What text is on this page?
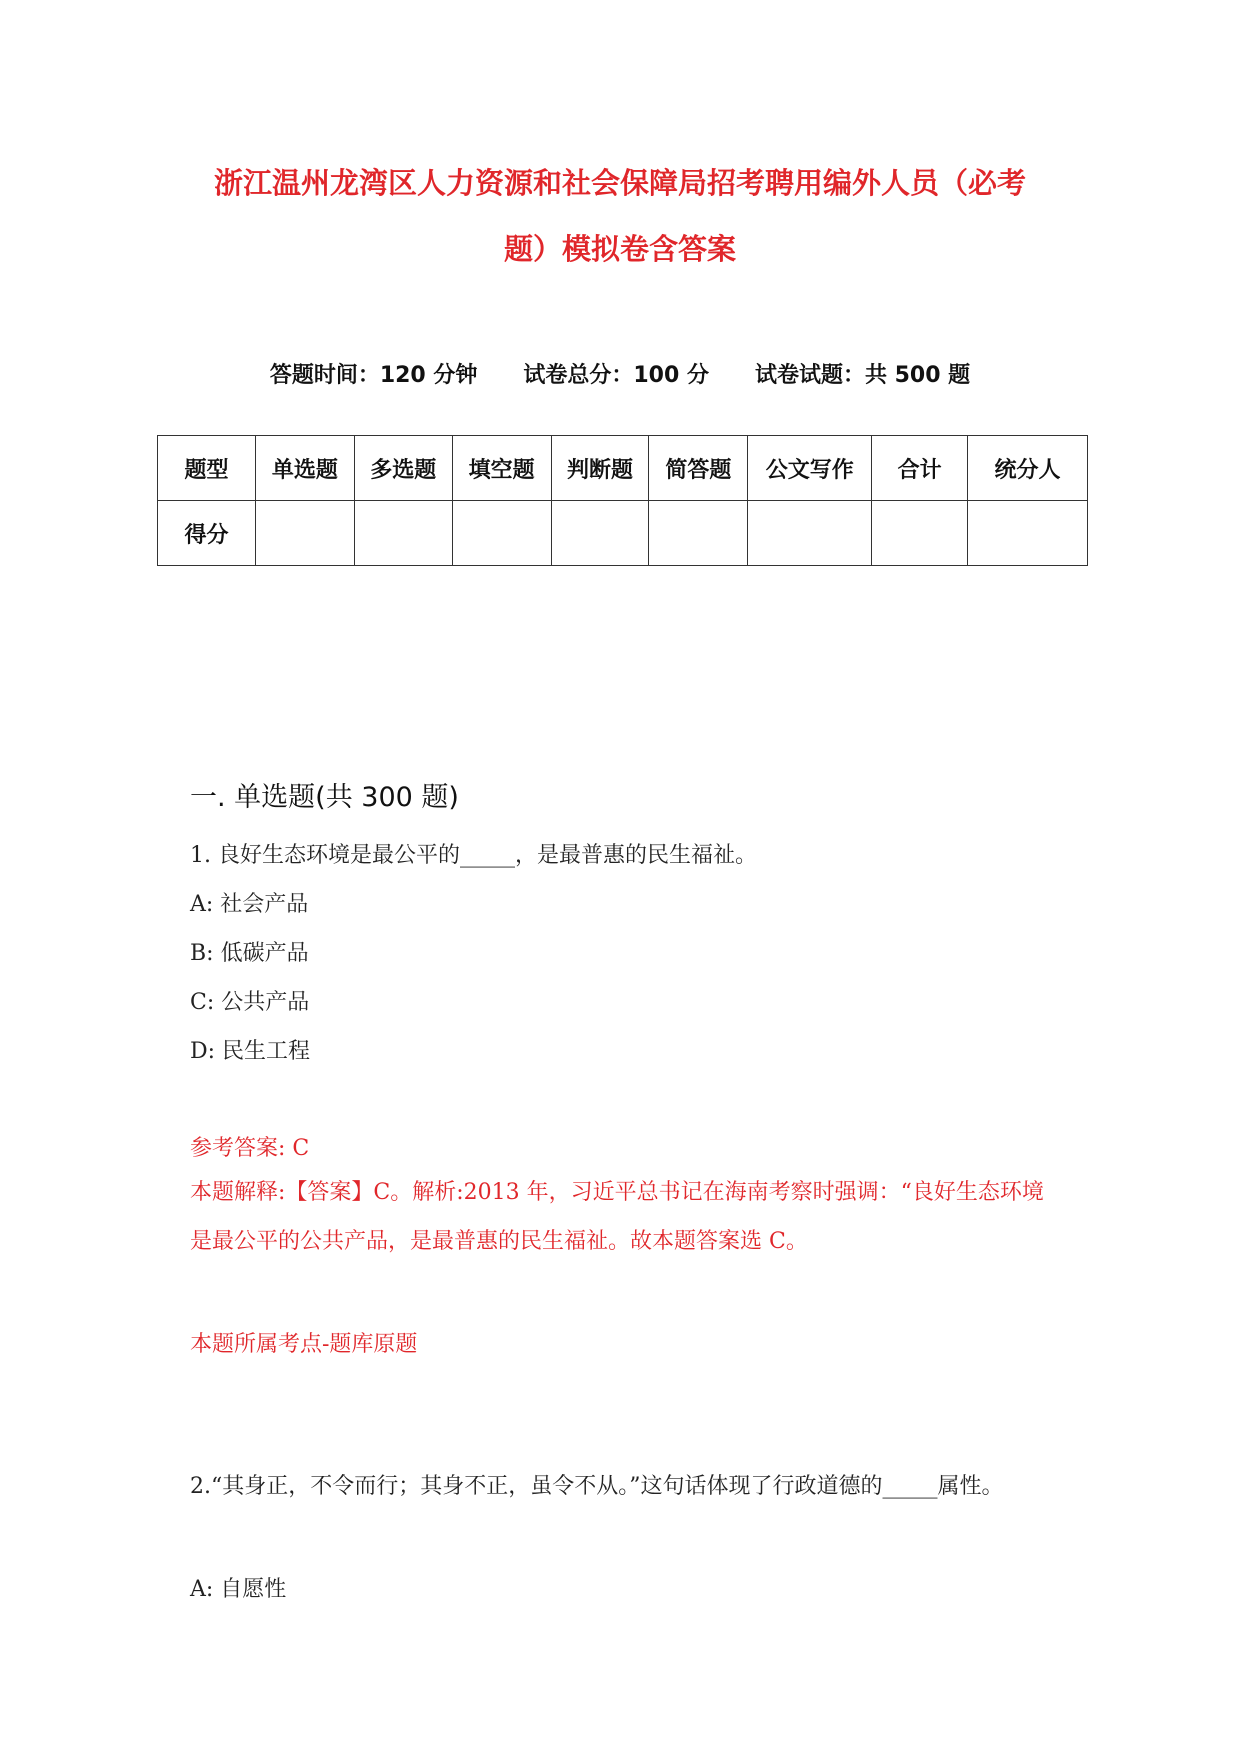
浙江温州龙湾区人力资源和社会保障局招考聘用编外人员（必考题）模拟卷含答案
答题时间：120 分钟 试卷总分：100 分 试卷试题：共 500 题
题型	单选题	多选题	填空题	判断题	简答题	公文写作	合计	统分人
得分								
一. 单选题(共 300 题)
1. 良好生态环境是最公平的_____，是最普惠的民生福祉。
A: 社会产品
B: 低碳产品
C: 公共产品
D: 民生工程
参考答案: C
本题解释:【答案】C。解析:2013 年，习近平总书记在海南考察时强调：“良好生态环境是最公平的公共产品，是最普惠的民生福祉。故本题答案选 C。
本题所属考点-题库原题
2.“其身正，不令而行；其身不正，虽令不从。”这句话体现了行政道德的_____属性。
A: 自愿性
